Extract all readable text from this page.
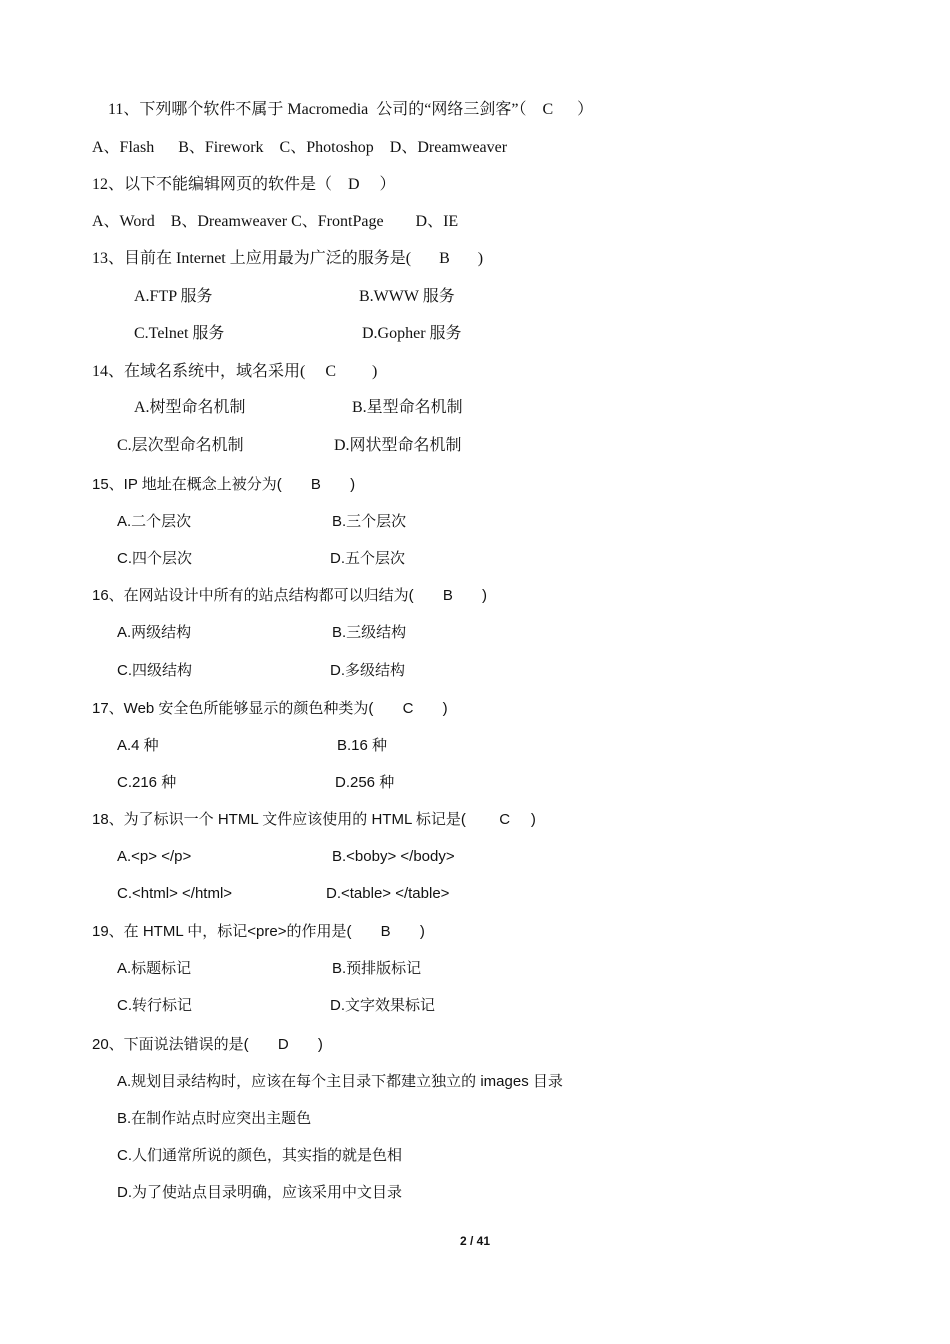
11、下列哪个软件不属于 Macromedia  公司的“网络三剑客”（    C      ）
A、Flash      B、Firework    C、Photoshop    D、Dreamweaver
12、以下不能编辑网页的软件是（    D     ）
A、Word    B、Dreamweaver C、FrontPage        D、IE
13、目前在 Internet 上应用最为广泛的服务是(       B       )
A.FTP 服务	B.WWW 服务
C.Telnet 服务	D.Gopher 服务
14、在域名系统中，域名采用(     C         )
A.树型命名机制	B.星型命名机制
C.层次型命名机制	D.网状型命名机制
15、IP 地址在概念上被分为(       B       )
A.二个层次	B.三个层次
C.四个层次	D.五个层次
16、在网站设计中所有的站点结构都可以归结为(       B       )
A.两级结构	B.三级结构
C.四级结构	D.多级结构
17、Web 安全色所能够显示的颜色种类为(       C       )
A.4 种	B.16 种
C.216 种	D.256 种
18、为了标识一个 HTML 文件应该使用的 HTML 标记是(        C     )
A.<p> </p>	B.<boby> </body>
C.<html> </html>	D.<table> </table>
19、在 HTML 中，标记<pre>的作用是(       B       )
A.标题标记	B.预排版标记
C.转行标记	D.文字效果标记
20、下面说法错误的是(       D       )
A.规划目录结构时，应该在每个主目录下都建立独立的 images 目录
B.在制作站点时应突出主题色
C.人们通常所说的颜色，其实指的就是色相
D.为了使站点目录明确，应该采用中文目录
2 / 41
